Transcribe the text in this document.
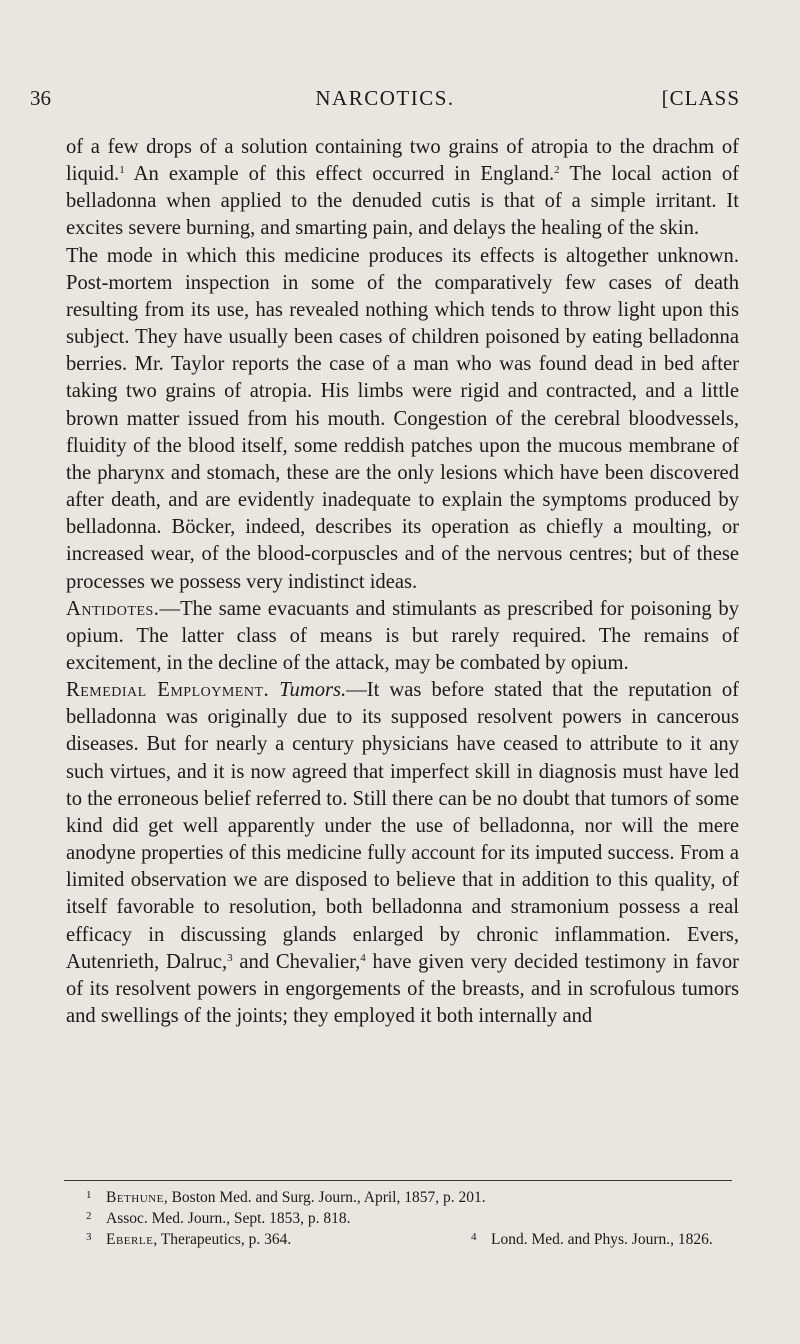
36	NARCOTICS.	[CLASS

of a few drops of a solution containing two grains of atropia to the drachm of liquid.$^1$ An example of this effect occurred in England.$^2$ The local action of belladonna when applied to the denuded cutis is that of a simple irritant. It excites severe burning, and smarting pain, and delays the healing of the skin.

The mode in which this medicine produces its effects is altogether unknown. Post-mortem inspection in some of the comparatively few cases of death resulting from its use, has revealed nothing which tends to throw light upon this subject. They have usually been cases of children poisoned by eating belladonna berries. Mr. Taylor reports the case of a man who was found dead in bed after taking two grains of atropia. His limbs were rigid and contracted, and a little brown matter issued from his mouth. Congestion of the cerebral bloodvessels, fluidity of the blood itself, some reddish patches upon the mucous membrane of the pharynx and stomach, these are the only lesions which have been discovered after death, and are evidently inadequate to explain the symptoms produced by belladonna. Böcker, indeed, describes its operation as chiefly a moulting, or increased wear, of the blood-corpuscles and of the nervous centres; but of these processes we possess very indistinct ideas.

Antidotes.—The same evacuants and stimulants as prescribed for poisoning by opium. The latter class of means is but rarely required. The remains of excitement, in the decline of the attack, may be combated by opium.

Remedial Employment. Tumors.—It was before stated that the reputation of belladonna was originally due to its supposed resolvent powers in cancerous diseases. But for nearly a century physicians have ceased to attribute to it any such virtues, and it is now agreed that imperfect skill in diagnosis must have led to the erroneous belief referred to. Still there can be no doubt that tumors of some kind did get well apparently under the use of belladonna, nor will the mere anodyne properties of this medicine fully account for its imputed success. From a limited observation we are disposed to believe that in addition to this quality, of itself favorable to resolution, both belladonna and stramonium possess a real efficacy in discussing glands enlarged by chronic inflammation. Evers, Autenrieth, Dalruc,$^3$ and Chevalier,$^4$ have given very decided testimony in favor of its resolvent powers in engorgements of the breasts, and in scrofulous tumors and swellings of the joints; they employed it both internally and

1 Bethune, Boston Med. and Surg. Journ., April, 1857, p. 201.
2 Assoc. Med. Journ., Sept. 1853, p. 818.
3 Eberle, Therapeutics, p. 364.	4 Lond. Med. and Phys. Journ., 1826.
